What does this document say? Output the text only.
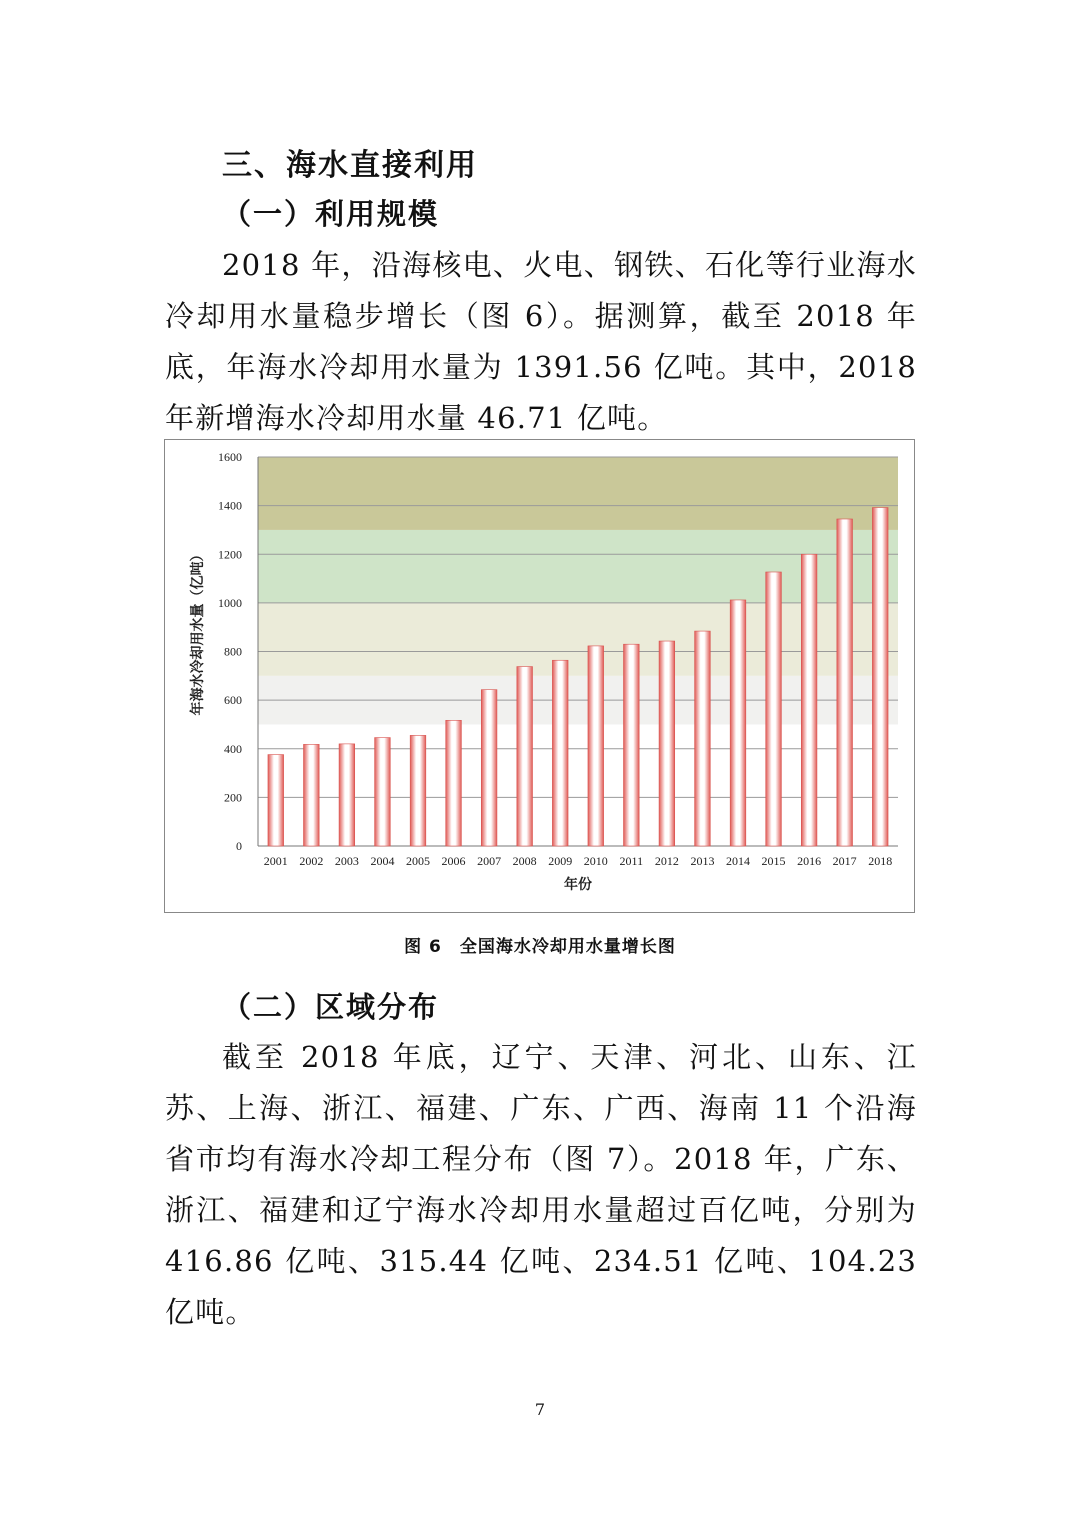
三、海水直接利用
（一）利用规模

2018 年，沿海核电、火电、钢铁、石化等行业海水冷却用水量稳步增长（图 6）。据测算，截至 2018 年底，年海水冷却用水量为 1391.56 亿吨。其中，2018 年新增海水冷却用水量 46.71 亿吨。

0
200
400
600
800
1000
1200
1400
1600
2001 2002 2003 2004 2005 2006 2007 2008 2009 2010 2011 2012 2013 2014 2015 2016 2017 2018
年份
年海水冷却用水量（亿吨）
图 6　全国海水冷却用水量增长图
（二）区域分布

截至 2018 年底，辽宁、天津、河北、山东、江苏、上海、浙江、福建、广东、广西、海南 11 个沿海省市均有海水冷却工程分布（图 7）。2018 年，广东、浙江、福建和辽宁海水冷却用水量超过百亿吨，分别为 416.86 亿吨、315.44 亿吨、234.51 亿吨、104.23 亿吨。

7
